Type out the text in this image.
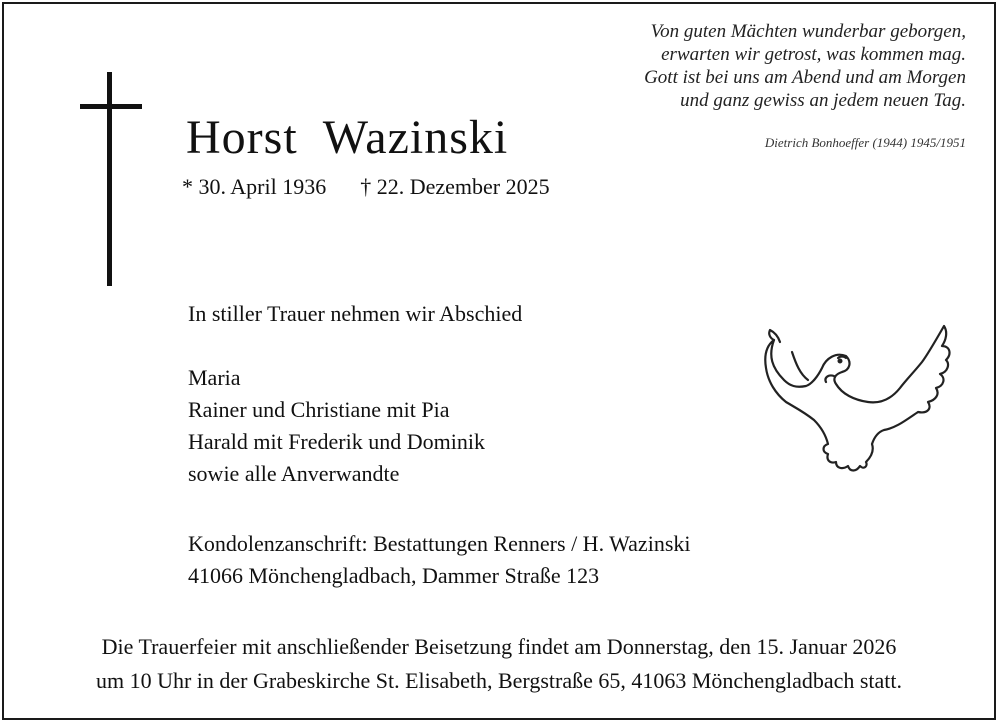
Von guten Mächten wunderbar geborgen,
erwarten wir getrost, was kommen mag.
Gott ist bei uns am Abend und am Morgen
und ganz gewiss an jedem neuen Tag.
Dietrich Bonhoeffer (1944) 1945/1951
Horst  Wazinski
* 30. April 1936 † 22. Dezember 2025
In stiller Trauer nehmen wir Abschied
Maria
Rainer und Christiane mit Pia
Harald mit Frederik und Dominik
sowie alle Anverwandte
Kondolenzanschrift: Bestattungen Renners / H. Wazinski
41066 Mönchengladbach, Dammer Straße 123
Die Trauerfeier mit anschließender Beisetzung findet am Donnerstag, den 15. Januar 2026
um 10 Uhr in der Grabeskirche St. Elisabeth, Bergstraße 65, 41063 Mönchengladbach statt.
